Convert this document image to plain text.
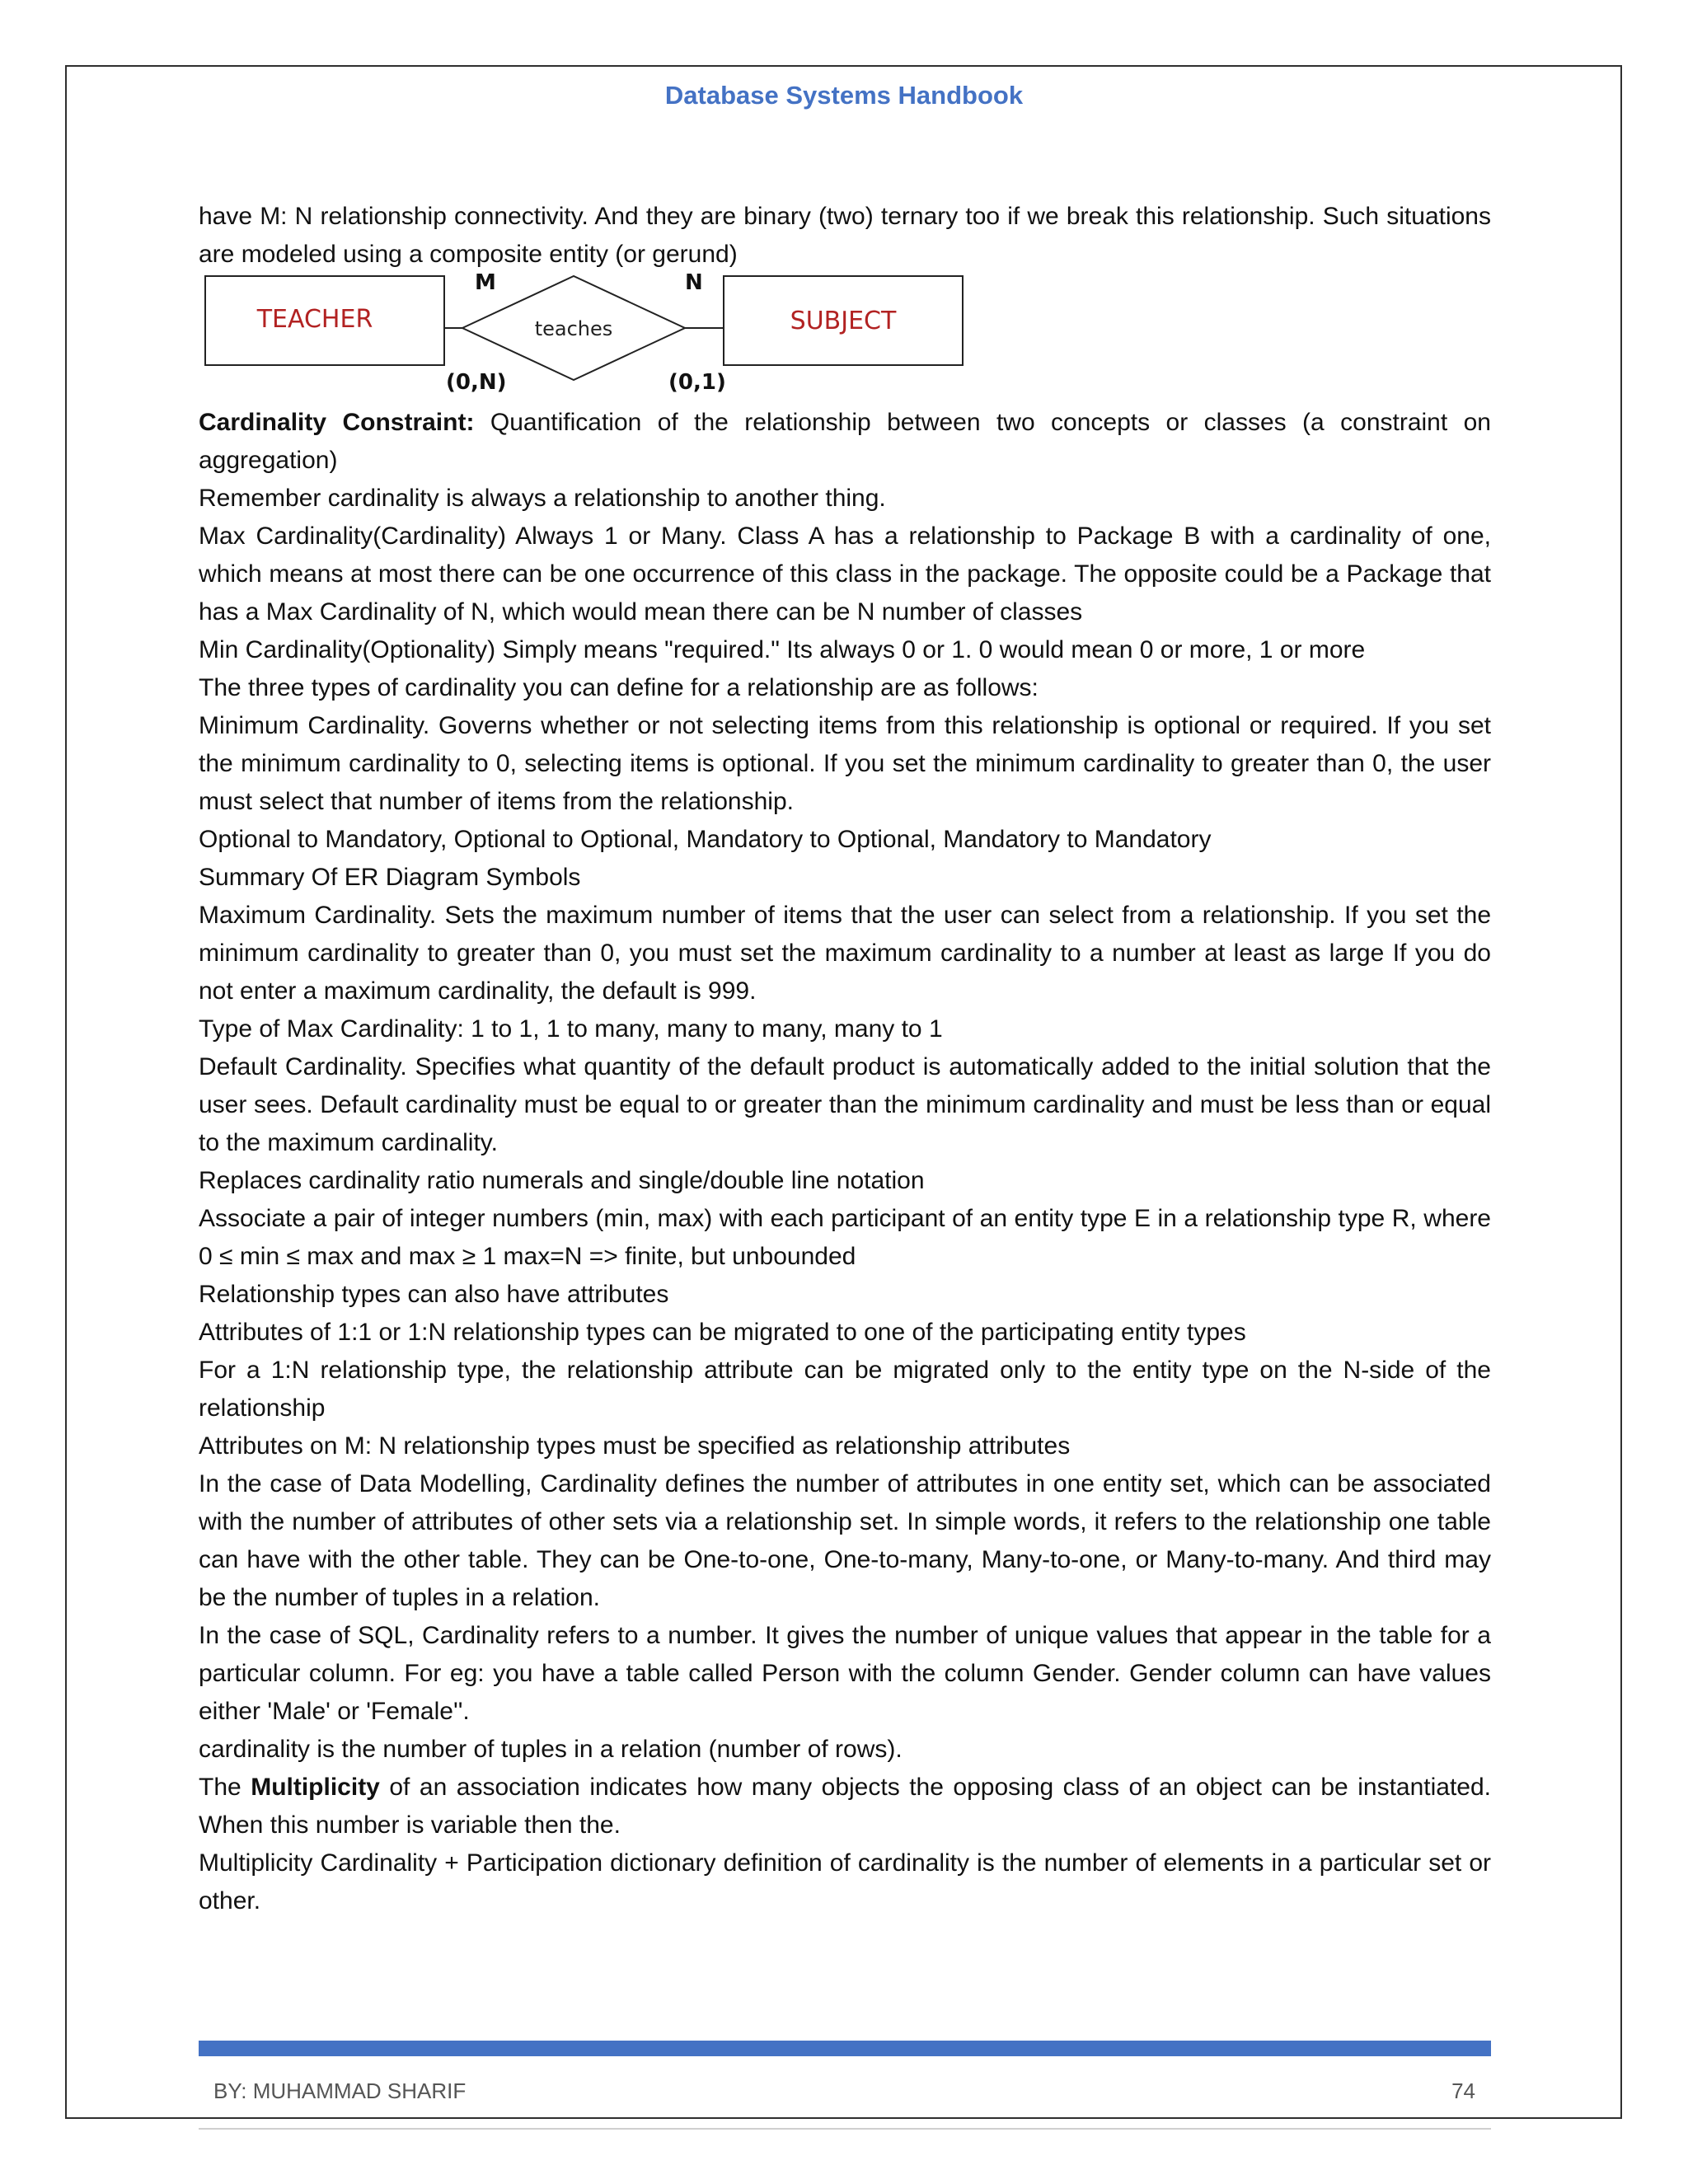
Database Systems Handbook

have M: N relationship connectivity. And they are binary (two) ternary too if we break this relationship. Such situations are modeled using a composite entity (or gerund)

TEACHER	teaches	SUBJECT
M	N
(0,N)	(0,1)

Cardinality Constraint: Quantification of the relationship between two concepts or classes (a constraint on aggregation)

Remember cardinality is always a relationship to another thing.

Max Cardinality(Cardinality) Always 1 or Many. Class A has a relationship to Package B with a cardinality of one, which means at most there can be one occurrence of this class in the package. The opposite could be a Package that has a Max Cardinality of N, which would mean there can be N number of classes

Min Cardinality(Optionality) Simply means "required." Its always 0 or 1. 0 would mean 0 or more, 1 or more

The three types of cardinality you can define for a relationship are as follows:

Minimum Cardinality. Governs whether or not selecting items from this relationship is optional or required. If you set the minimum cardinality to 0, selecting items is optional. If you set the minimum cardinality to greater than 0, the user must select that number of items from the relationship.

Optional to Mandatory, Optional to Optional, Mandatory to Optional, Mandatory to Mandatory

Summary Of ER Diagram Symbols

Maximum Cardinality. Sets the maximum number of items that the user can select from a relationship. If you set the minimum cardinality to greater than 0, you must set the maximum cardinality to a number at least as large If you do not enter a maximum cardinality, the default is 999.

Type of Max Cardinality: 1 to 1, 1 to many, many to many, many to 1

Default Cardinality. Specifies what quantity of the default product is automatically added to the initial solution that the user sees. Default cardinality must be equal to or greater than the minimum cardinality and must be less than or equal to the maximum cardinality.

Replaces cardinality ratio numerals and single/double line notation

Associate a pair of integer numbers (min, max) with each participant of an entity type E in a relationship type R, where 0 ≤ min ≤ max and max ≥ 1 max=N => finite, but unbounded

Relationship types can also have attributes

Attributes of 1:1 or 1:N relationship types can be migrated to one of the participating entity types

For a 1:N relationship type, the relationship attribute can be migrated only to the entity type on the N-side of the relationship

Attributes on M: N relationship types must be specified as relationship attributes

In the case of Data Modelling, Cardinality defines the number of attributes in one entity set, which can be associated with the number of attributes of other sets via a relationship set. In simple words, it refers to the relationship one table can have with the other table. They can be One-to-one, One-to-many, Many-to-one, or Many-to-many. And third may be the number of tuples in a relation.

In the case of SQL, Cardinality refers to a number. It gives the number of unique values that appear in the table for a particular column. For eg: you have a table called Person with the column Gender. Gender column can have values either 'Male' or 'Female''.

cardinality is the number of tuples in a relation (number of rows).

The Multiplicity of an association indicates how many objects the opposing class of an object can be instantiated. When this number is variable then the.

Multiplicity Cardinality + Participation dictionary definition of cardinality is the number of elements in a particular set or other.

BY: MUHAMMAD SHARIF	74
